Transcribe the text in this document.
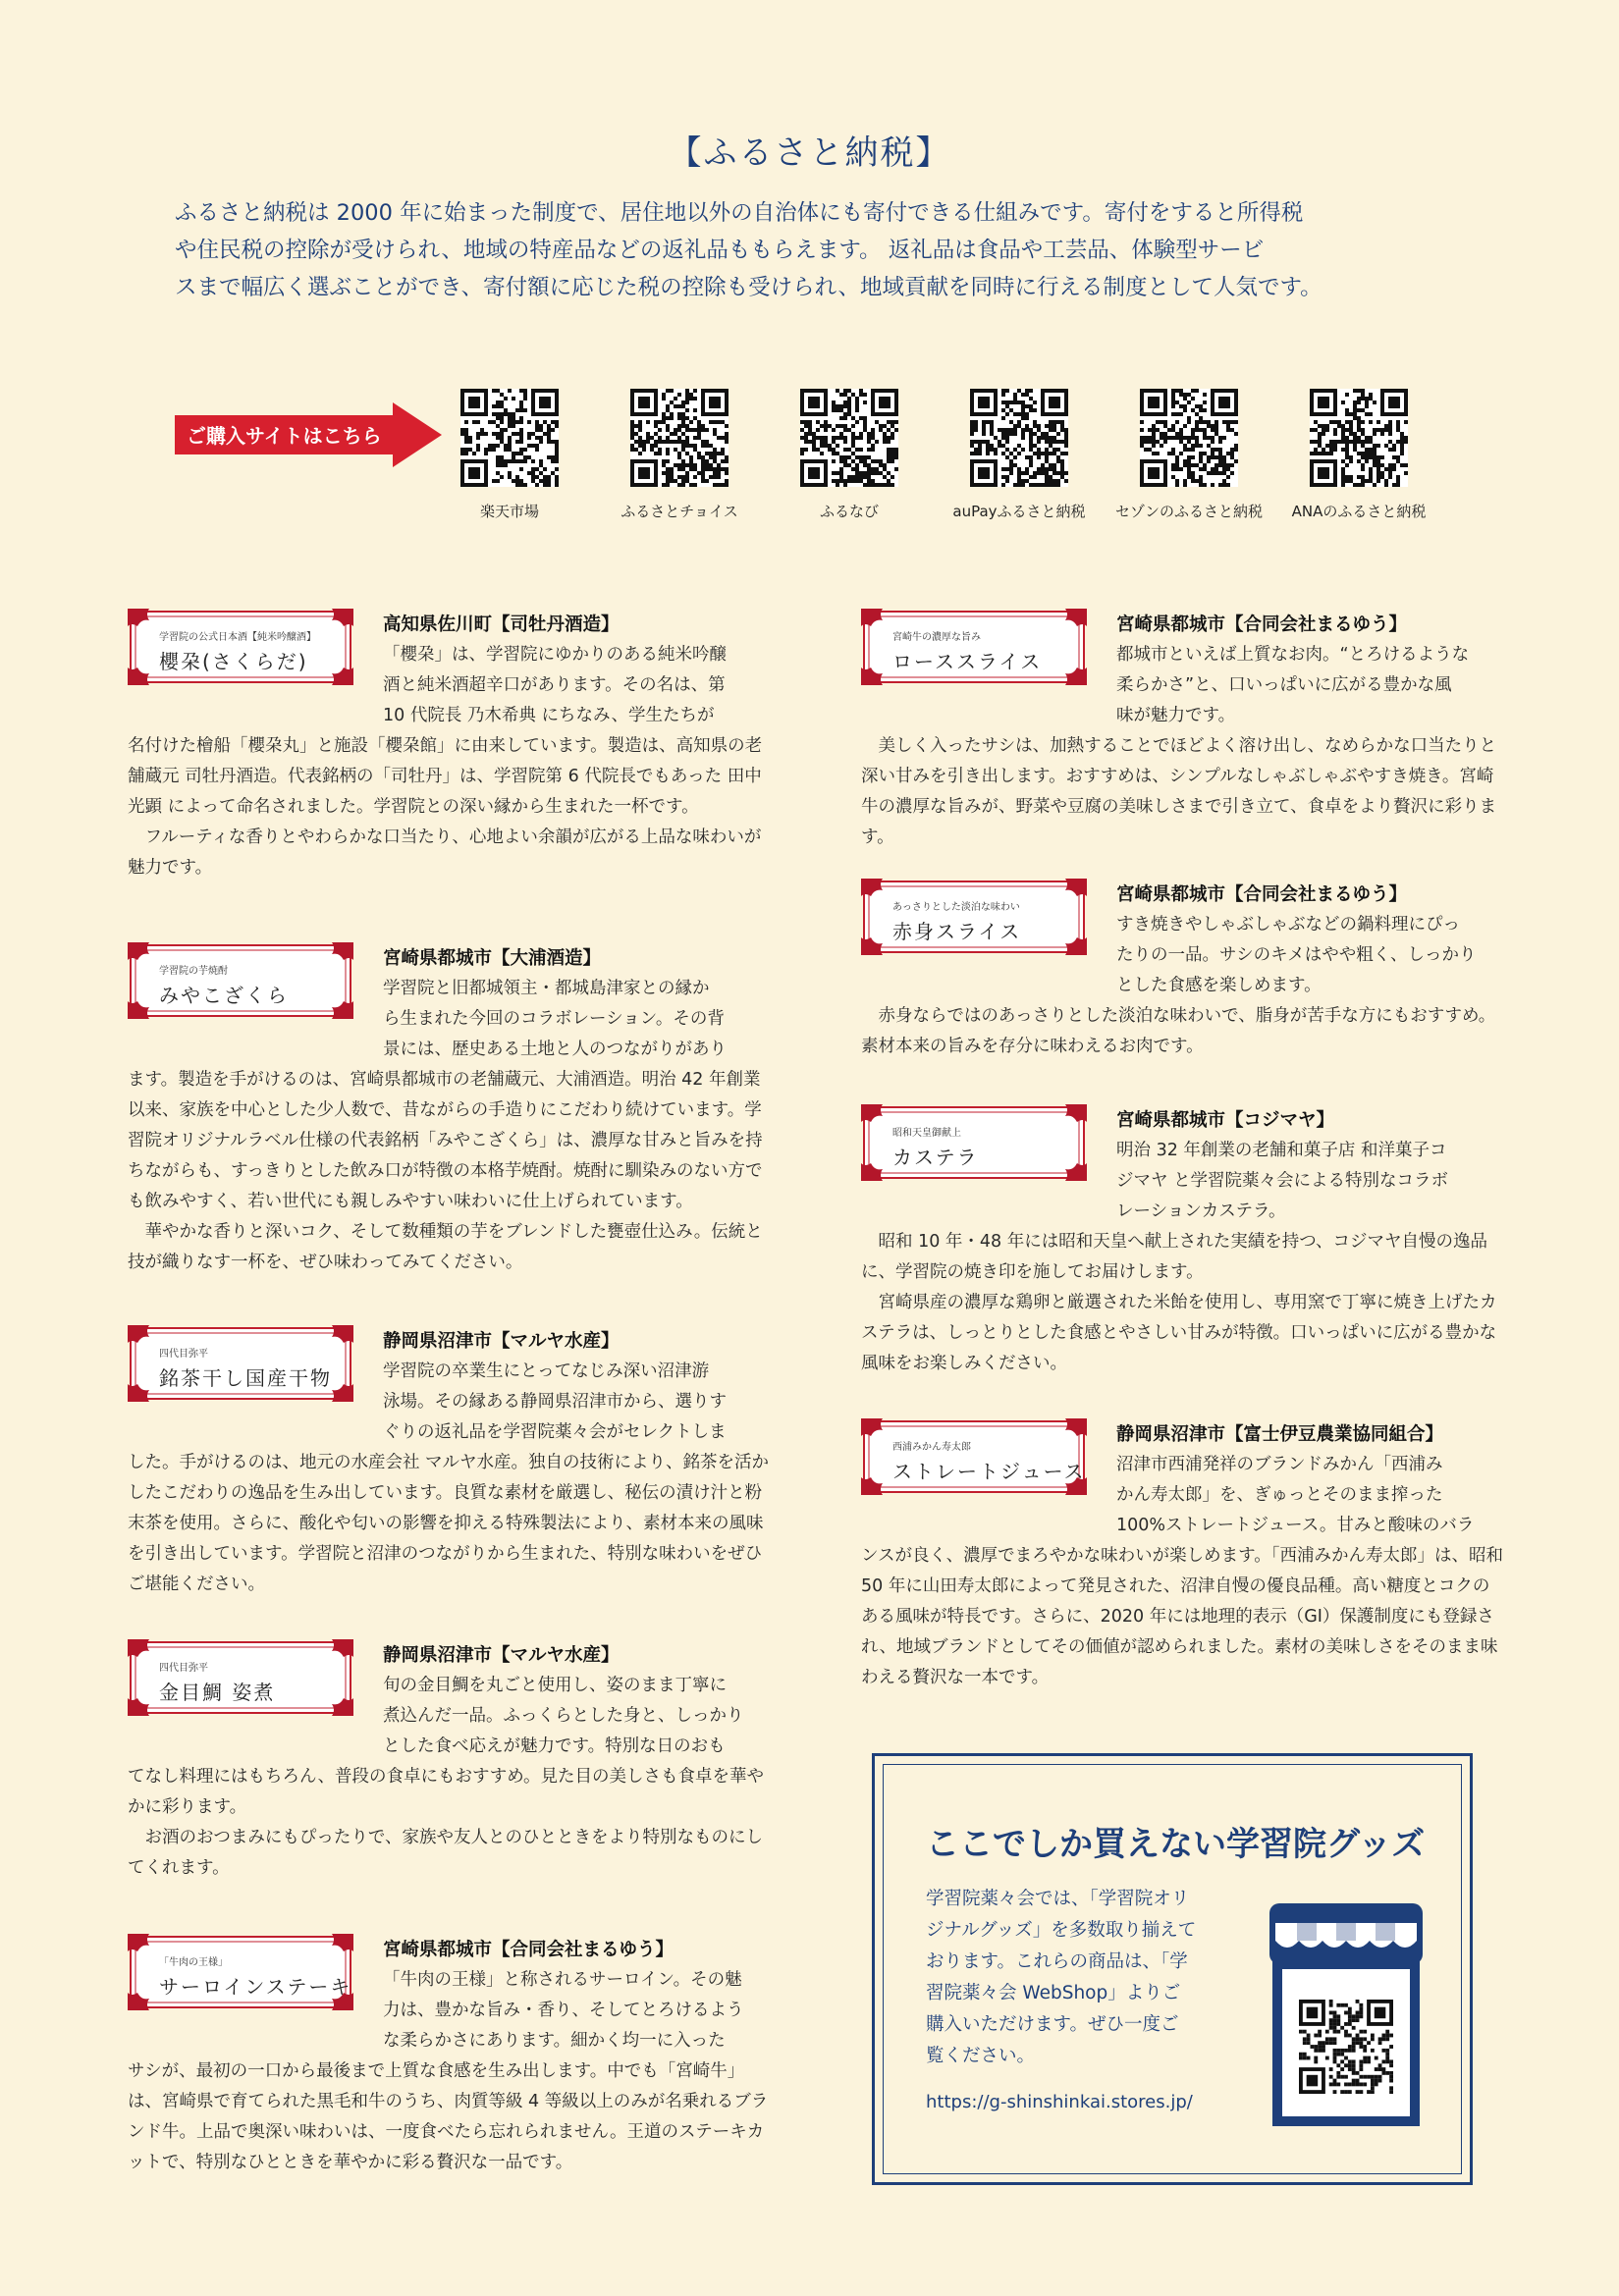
【ふるさと納税】

ふるさと納税は 2000 年に始まった制度で、居住地以外の自治体にも寄付できる仕組みです。寄付をすると所得税

や住民税の控除が受けられ、地域の特産品などの返礼品ももらえます。 返礼品は食品や工芸品、体験型サービ

スまで幅広く選ぶことができ、寄付額に応じた税の控除も受けられ、地域貢献を同時に行える制度として人気です。

ご購入サイトはこちら
楽天市場	ふるさとチョイス	ふるなび	auPayふるさと納税	セゾンのふるさと納税	ANAのふるさと納税
学習院の公式日本酒【純米吟醸酒】
櫻朶(さくらだ)
高知県佐川町【司牡丹酒造】

「櫻朶」は、学習院にゆかりのある純米吟醸

酒と純米酒超辛口があります。その名は、第

10 代院長 乃木希典 にちなみ、学生たちが

名付けた檜船「櫻朶丸」と施設「櫻朶館」に由来しています。製造は、高知県の老舗蔵元 司牡丹酒造。代表銘柄の「司牡丹」は、学習院第 6 代院長でもあった 田中光顕 によって命名されました。学習院との深い縁から生まれた一杯です。

　フルーティな香りとやわらかな口当たり、心地よい余韻が広がる上品な味わいが魅力です。

学習院の芋焼酎
みやこざくら
宮崎県都城市【大浦酒造】

学習院と旧都城領主・都城島津家との縁か

ら生まれた今回のコラボレーション。その背

景には、歴史ある土地と人のつながりがあり

ます。製造を手がけるのは、宮崎県都城市の老舗蔵元、大浦酒造。明治 42 年創業以来、家族を中心とした少人数で、昔ながらの手造りにこだわり続けています。学習院オリジナルラベル仕様の代表銘柄「みやこざくら」は、濃厚な甘みと旨みを持ちながらも、すっきりとした飲み口が特徴の本格芋焼酎。焼酎に馴染みのない方でも飲みやすく、若い世代にも親しみやすい味わいに仕上げられています。

　華やかな香りと深いコク、そして数種類の芋をブレンドした甕壺仕込み。伝統と技が織りなす一杯を、ぜひ味わってみてください。

四代目弥平
銘茶干し国産干物
静岡県沼津市【マルヤ水産】

学習院の卒業生にとってなじみ深い沼津游

泳場。その縁ある静岡県沼津市から、選りす

ぐりの返礼品を学習院薬々会がセレクトしま

した。手がけるのは、地元の水産会社 マルヤ水産。独自の技術により、銘茶を活かしたこだわりの逸品を生み出しています。良質な素材を厳選し、秘伝の漬け汁と粉末茶を使用。さらに、酸化や匂いの影響を抑える特殊製法により、素材本来の風味を引き出しています。学習院と沼津のつながりから生まれた、特別な味わいをぜひご堪能ください。

四代目弥平
金目鯛 姿煮
静岡県沼津市【マルヤ水産】

旬の金目鯛を丸ごと使用し、姿のまま丁寧に

煮込んだ一品。ふっくらとした身と、しっかり

とした食べ応えが魅力です。特別な日のおも

てなし料理にはもちろん、普段の食卓にもおすすめ。見た目の美しさも食卓を華やかに彩ります。

　お酒のおつまみにもぴったりで、家族や友人とのひとときをより特別なものにしてくれます。

「牛肉の王様」
サーロインステーキ
宮崎県都城市【合同会社まるゆう】

「牛肉の王様」と称されるサーロイン。その魅

力は、豊かな旨み・香り、そしてとろけるよう

な柔らかさにあります。細かく均一に入った

サシが、最初の一口から最後まで上質な食感を生み出します。中でも「宮崎牛」は、宮崎県で育てられた黒毛和牛のうち、肉質等級 4 等級以上のみが名乗れるブランド牛。上品で奥深い味わいは、一度食べたら忘れられません。王道のステーキカットで、特別なひとときを華やかに彩る贅沢な一品です。

宮崎牛の濃厚な旨み
ローススライス
宮崎県都城市【合同会社まるゆう】

都城市といえば上質なお肉。“とろけるような

柔らかさ”と、口いっぱいに広がる豊かな風

味が魅力です。

　美しく入ったサシは、加熱することでほどよく溶け出し、なめらかな口当たりと深い甘みを引き出します。おすすめは、シンプルなしゃぶしゃぶやすき焼き。宮崎牛の濃厚な旨みが、野菜や豆腐の美味しさまで引き立て、食卓をより贅沢に彩ります。

あっさりとした淡泊な味わい
赤身スライス
宮崎県都城市【合同会社まるゆう】

すき焼きやしゃぶしゃぶなどの鍋料理にぴっ

たりの一品。サシのキメはやや粗く、しっかり

とした食感を楽しめます。

　赤身ならではのあっさりとした淡泊な味わいで、脂身が苦手な方にもおすすめ。素材本来の旨みを存分に味わえるお肉です。

昭和天皇御献上
カステラ
宮崎県都城市【コジマヤ】

明治 32 年創業の老舗和菓子店 和洋菓子コ

ジマヤ と学習院薬々会による特別なコラボ

レーションカステラ。

　昭和 10 年・48 年には昭和天皇へ献上された実績を持つ、コジマヤ自慢の逸品に、学習院の焼き印を施してお届けします。

　宮崎県産の濃厚な鶏卵と厳選された米飴を使用し、専用窯で丁寧に焼き上げたカステラは、しっとりとした食感とやさしい甘みが特徴。口いっぱいに広がる豊かな風味をお楽しみください。

西浦みかん寿太郎
ストレートジュース
静岡県沼津市【富士伊豆農業協同組合】

沼津市西浦発祥のブランドみかん「西浦み

かん寿太郎」を、ぎゅっとそのまま搾った

100%ストレートジュース。甘みと酸味のバラ

ンスが良く、濃厚でまろやかな味わいが楽しめます。「西浦みかん寿太郎」は、昭和 50 年に山田寿太郎によって発見された、沼津自慢の優良品種。高い糖度とコクのある風味が特長です。さらに、2020 年には地理的表示（GI）保護制度にも登録され、地域ブランドとしてその価値が認められました。素材の美味しさをそのまま味わえる贅沢な一本です。

ここでしか買えない学習院グッズ
学習院薬々会では、「学習院オリ
ジナルグッズ」を多数取り揃えて
おります。これらの商品は、「学
習院薬々会 WebShop」よりご
購入いただけます。ぜひ一度ご
覧ください。
https://g-shinshinkai.stores.jp/
